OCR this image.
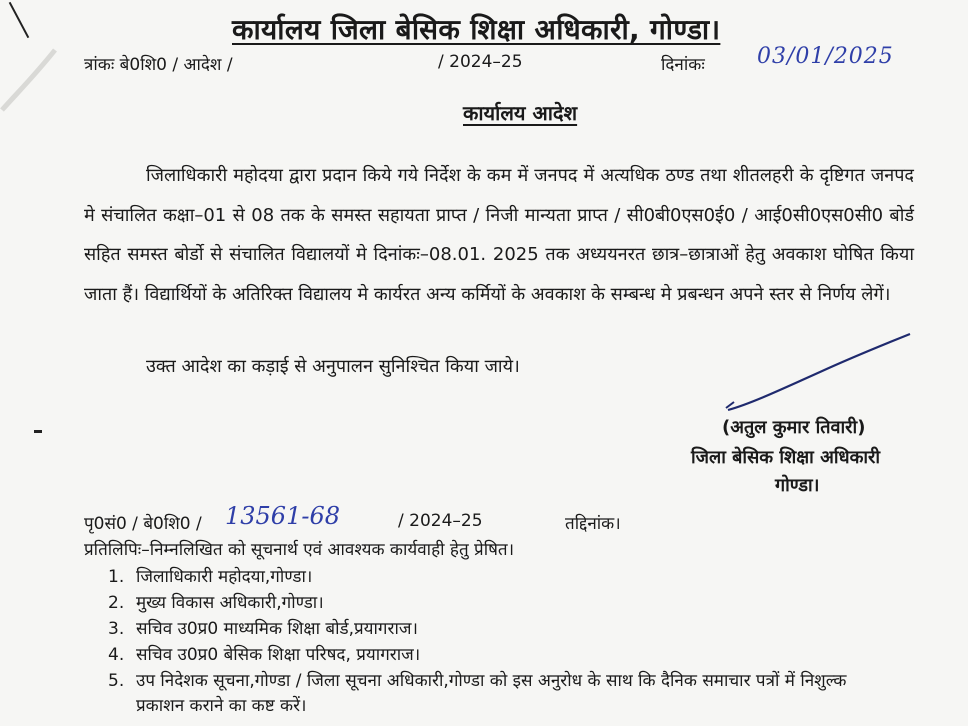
कार्यालय जिला बेसिक शिक्षा अधिकारी, गोण्डा।
त्रांकः बे0शि0 / आदेश /	/ 2024–25	दिनांकः 03/01/2025
कार्यालय आदेश
जिलाधिकारी महोदया द्वारा प्रदान किये गये निर्देश के कम में जनपद में अत्यधिक ठण्ड तथा शीतलहरी के दृष्टिगत जनपद मे संचालित कक्षा–01 से 08 तक के समस्त सहायता प्राप्त / निजी मान्यता प्राप्त / सी0बी0एस0ई0 / आई0सी0एस0सी0 बोर्ड सहित समस्त बोर्डो से संचालित विद्यालयों मे दिनांकः–08.01. 2025 तक अध्ययनरत छात्र–छात्राओं हेतु अवकाश घोषित किया जाता हैं। विद्यार्थियों के अतिरिक्त विद्यालय मे कार्यरत अन्य कर्मियों के अवकाश के सम्बन्ध मे प्रबन्धन अपने स्तर से निर्णय लेगें।
उक्त आदेश का कड़ाई से अनुपालन सुनिश्चित किया जाये।
(अतुल कुमार तिवारी)
जिला बेसिक शिक्षा अधिकारी
गोण्डा।
पृ0सं0 / बे0शि0 / 13561-68	/ 2024–25	तद्दिनांक।
प्रतिलिपिः–निम्नलिखित को सूचनार्थ एवं आवश्यक कार्यवाही हेतु प्रेषित।
1. जिलाधिकारी महोदया,गोण्डा।
2. मुख्य विकास अधिकारी,गोण्डा।
3. सचिव उ0प्र0 माध्यमिक शिक्षा बोर्ड,प्रयागराज।
4. सचिव उ0प्र0 बेसिक शिक्षा परिषद, प्रयागराज।
5. उप निदेशक सूचना,गोण्डा / जिला सूचना अधिकारी,गोण्डा को इस अनुरोध के साथ कि दैनिक समाचार पत्रों में निशुल्क प्रकाशन कराने का कष्ट करें।
